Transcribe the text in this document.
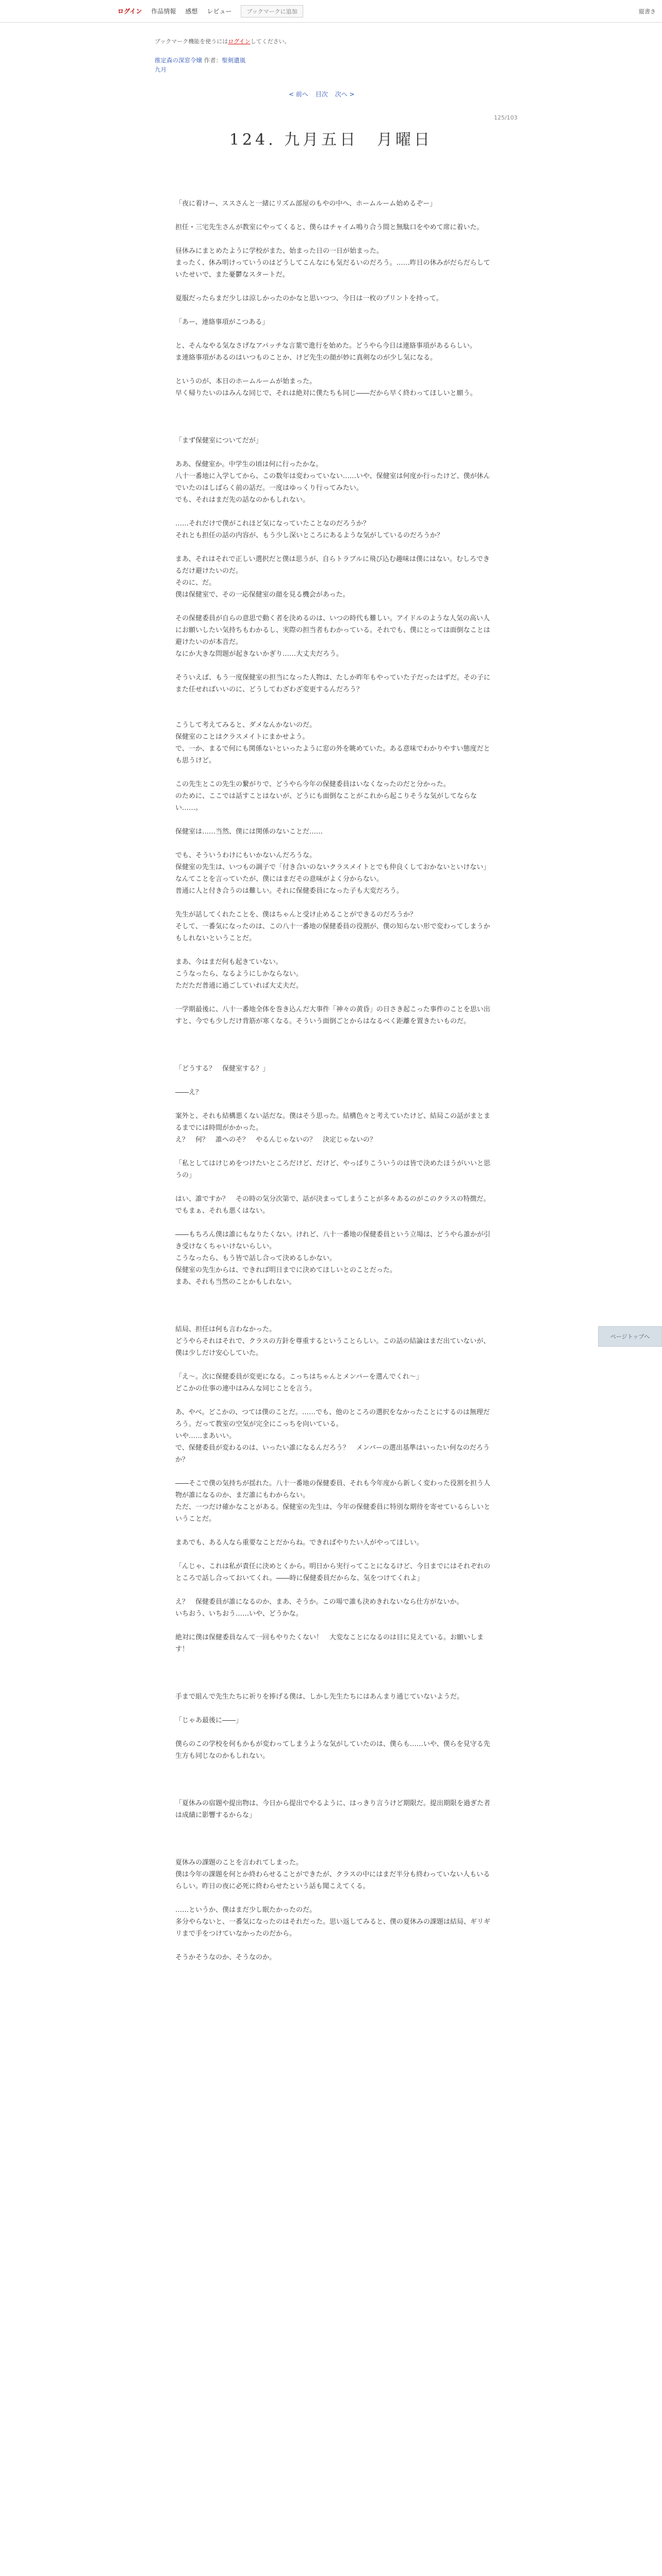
ログイン 作品情報 感想 レビュー	ブックマークに追加	縦書き
ブックマーク機能を使うにはログインしてください。
推定森の深窓令嬢 作者：聖剣遺風
九月
< 前へ 目次 次へ >
125/103
124. 九月五日　月曜日

「夜に着けー、ススさんと一緒にリズム部屋のもやの中へ、ホームルーム始めるぞー」

担任・三宅先生さんが教室にやってくると、僕らはチャイム鳴り合う間と無駄口をやめて席に着いた。

昼休みにまとめたように学校がまた、始まった日の一日が始まった。

まったく、休み明けっていうのはどうしてこんなにも気だるいのだろう。……昨日の休みがだらだらしていたせいで、また憂鬱なスタートだ。

夏服だったらまだ少しは涼しかったのかなと思いつつ、今日は一枚のプリントを持って。

「あー、連絡事項がこつある」

と、そんなやる気なさげなアパッチな言葉で進行を始めた。どうやら今日は連絡事項があるらしい。

ま連絡事項があるのはいつものことか、けど先生の顔が妙に真剣なのが少し気になる。

というのが、本日のホームルームが始まった。

早く帰りたいのはみんな同じで、それは絶対に僕たちも同じ――だから早く終わってほしいと願う。

「まず保健室についてだが」

ああ、保健室か。中学生の頃は何に行ったかな。

八十一番地に入学してから、この数年は変わっていない……いや、保健室は何度か行ったけど、僕が休んでいたのはしばらく前の話だ。一度はゆっくり行ってみたい。

でも、それはまだ先の話なのかもしれない。

……それだけで僕がこれほど気になっていたことなのだろうか？

それとも担任の話の内容が、もう少し深いところにあるような気がしているのだろうか？

まあ、それはそれで正しい選択だと僕は思うが、自らトラブルに飛び込む趣味は僕にはない。むしろできるだけ避けたいのだ。

そのに、だ。

僕は保健室で、その一応保健室の顔を見る機会があった。

その保健委員が自らの意思で動く者を決めるのは、いつの時代も難しい。アイドルのような人気の高い人にお願いしたい気持ちもわかるし、実際の担当者もわかっている。それでも、僕にとっては面倒なことは避けたいのが本音だ。

なにか大きな問題が起きないかぎり……大丈夫だろう。

そういえば、もう一度保健室の担当になった人物は、たしか昨年もやっていた子だったはずだ。その子にまた任せればいいのに、どうしてわざわざ変更するんだろう？

こうして考えてみると、ダメなんかないのだ。

保健室のことはクラスメイトにまかせよう。

で、一か、まるで何にも関係ないといったように窓の外を眺めていた。ある意味でわかりやすい態度だとも思うけど。

この先生とこの先生の繋がりで、どうやら今年の保健委員はいなくなったのだと分かった。

のために、ここでは話すことはないが、どうにも面倒なことがこれから起こりそうな気がしてならない……。

保健室は……当然、僕には関係のないことだ……

でも、そういうわけにもいかないんだろうな。

保健室の先生は、いつもの調子で「付き合いのないクラスメイトとでも仲良くしておかないといけない」なんてことを言っていたが、僕にはまだその意味がよく分からない。

普通に人と付き合うのは難しい。それに保健委員になった子も大変だろう。

先生が話してくれたことを、僕はちゃんと受け止めることができるのだろうか？

そして、一番気になったのは、この八十一番地の保健委員の役割が、僕の知らない形で変わってしまうかもしれないということだ。

まあ、今はまだ何も起きていない。

こうなったら、なるようにしかならない。

ただただ普通に過ごしていれば大丈夫だ。

一学期最後に、八十一番地全体を巻き込んだ大事件「神々の黄昏」の日さき起こった事件のことを思い出すと、今でも少しだけ背筋が寒くなる。そういう面倒ごとからはなるべく距離を置きたいものだ。

「どうする？　保健室する？」

――え？

案外と、それも結構悪くない話だな。僕はそう思った。結構色々と考えていたけど、結局この話がまとまるまでには時間がかかった。

え？　何？　誰へのそ？　やるんじゃないの？　決定じゃないの？

「私としてはけじめをつけたいところだけど、だけど、やっぱりこういうのは皆で決めたほうがいいと思うの」

はい、誰ですか？　その時の気分次第で、話が決まってしまうことが多々あるのがこのクラスの特徴だ。でもまぁ、それも悪くはない。

――もちろん僕は誰にもなりたくない。けれど、八十一番地の保健委員という立場は、どうやら誰かが引き受けなくちゃいけないらしい。

こうなったら、もう皆で話し合って決めるしかない。

保健室の先生からは、できれば明日までに決めてほしいとのことだった。

まあ、それも当然のことかもしれない。

結局、担任は何も言わなかった。

どうやらそれはそれで、クラスの方針を尊重するということらしい。この話の結論はまだ出ていないが、僕は少しだけ安心していた。

「え～。次に保健委員が変更になる。こっちはちゃんとメンバーを選んでくれ～」

どこかの仕事の連中はみんな同じことを言う。

あ、やべ。どこかの、つては僕のことだ。……でも、他のところの選択をなかったことにするのは無理だろう。だって教室の空気が完全にこっちを向いている。

いや……まあいい。

で、保健委員が変わるのは、いったい誰になるんだろう？　メンバーの選出基準はいったい何なのだろうか？

――そこで僕の気持ちが揺れた。八十一番地の保健委員、それも今年度から新しく変わった役割を担う人物が誰になるのか、まだ誰にもわからない。

ただ、一つだけ確かなことがある。保健室の先生は、今年の保健委員に特別な期待を寄せているらしいということだ。

まあでも、ある人なら重要なことだからね。できればやりたい人がやってほしい。

「んじゃ、これは私が責任に決めとくから。明日から実行ってことになるけど、今日までにはそれぞれのところで話し合っておいてくれ。――時に保健委員だからな、気をつけてくれよ」

え？　保健委員が誰になるのか、まあ、そうか。この場で誰も決めきれないなら仕方がないか。

いちおう、いちおう……いや、どうかな。

絶対に僕は保健委員なんて一回もやりたくない！　大変なことになるのは目に見えている。お願いします！

手まで組んで先生たちに祈りを捧げる僕は、しかし先生たちにはあんまり通じていないようだ。

「じゃあ最後に――」

僕らのこの学校を何もかもが変わってしまうような気がしていたのは、僕らも……いや、僕らを見守る先生方も同じなのかもしれない。

「夏休みの宿題や提出物は、今日から提出でやるように、はっきり言うけど期限だ。提出期限を過ぎた者は成績に影響するからな」

夏休みの課題のことを言われてしまった。

僕は今年の課題を何とか終わらせることができたが、クラスの中にはまだ半分も終わっていない人もいるらしい。昨日の夜に必死に終わらせたという話も聞こえてくる。

……というか、僕はまだ少し眠たかったのだ。

多分やらないと、一番気になったのはそれだった。思い返してみると、僕の夏休みの課題は結局、ギリギリまで手をつけていなかったのだから。

そうかそうなのか、そうなのか。

ページトップへ
